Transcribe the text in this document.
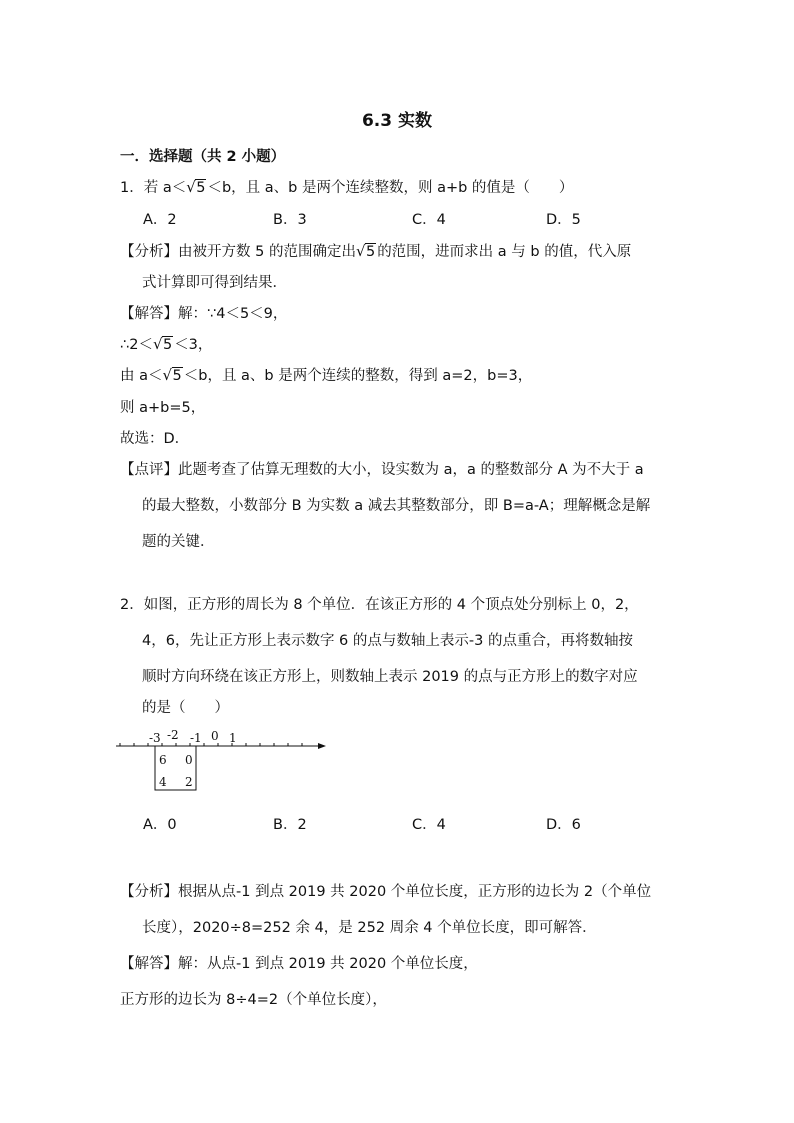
6.3 实数
一．选择题（共 2 小题）
1．若 a＜ √ 5 ＜b，且 a、b 是两个连续整数，则 a+b 的值是（　　）
A．2	B．3	C．4	D．5
【分析】由被开方数 5 的范围确定出 √ 5 的范围，进而求出 a 与 b 的值，代入原
式计算即可得到结果．
【解答】解：∵4＜5＜9，
∴2＜ √ 5 ＜3，
由 a＜ √ 5 ＜b，且 a、b 是两个连续的整数，得到 a=2，b=3，
则 a+b=5，
故选：D．
【点评】此题考查了估算无理数的大小，设实数为 a，a 的整数部分 A 为不大于 a
的最大整数，小数部分 B 为实数 a 减去其整数部分，即 B=a-A；理解概念是解
题的关键．
2．如图，正方形的周长为 8 个单位．在该正方形的 4 个顶点处分别标上 0，2，
4，6，先让正方形上表示数字 6 的点与数轴上表示-3 的点重合，再将数轴按
顺时方向环绕在该正方形上，则数轴上表示 2019 的点与正方形上的数字对应
的是（　　）
-3 -2 -1 0 1
6 0
4 2
A．0	B．2	C．4	D．6
【分析】根据从点-1 到点 2019 共 2020 个单位长度，正方形的边长为 2（个单位
长度），2020÷8=252 余 4，是 252 周余 4 个单位长度，即可解答．
【解答】解：从点-1 到点 2019 共 2020 个单位长度，
正方形的边长为 8÷4=2（个单位长度），
